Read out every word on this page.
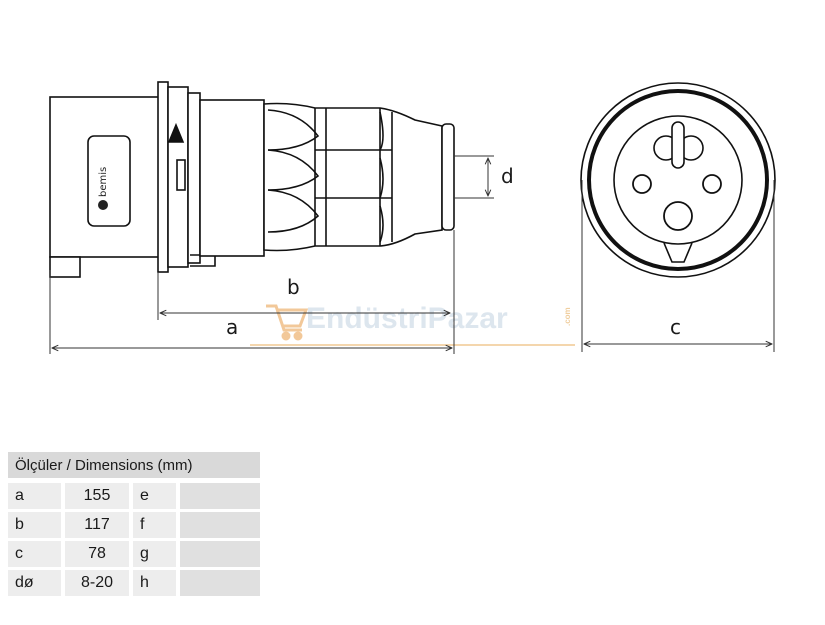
EndüstriPazar	.com
bemis
a
b
c
d
Ölçüler / Dimensions (mm)				
a		155	e	
b		117	f	
c		78	g	
dø		8-20	h	
